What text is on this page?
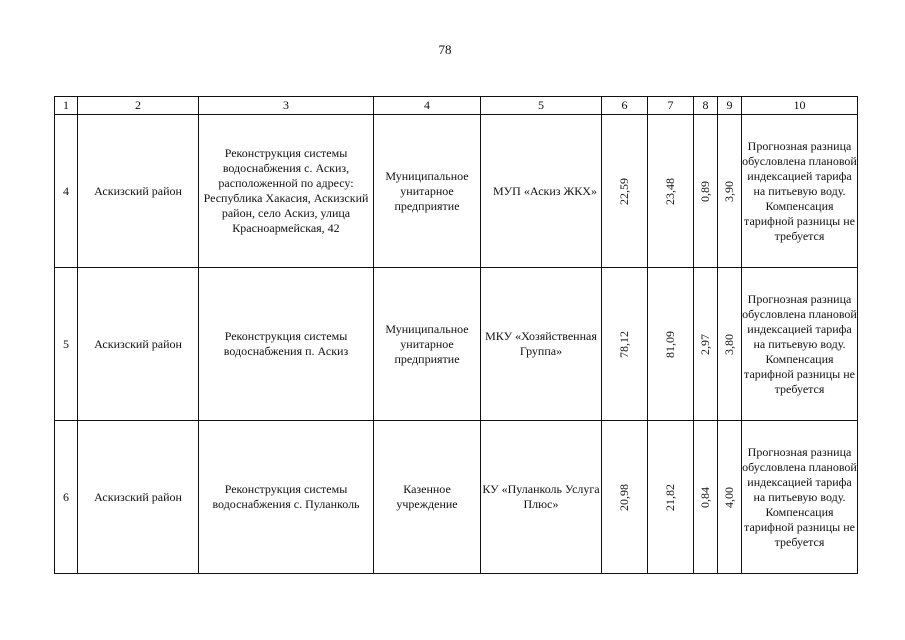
78
1	2	3	4	5	6	7	8	9	10
4	Аскизский район	Реконструкция системы водоснабжения с. Аскиз, расположенной по адресу: Республика Хакасия, Аскизский район, село Аскиз, улица Красноармейская, 42	Муниципальное унитарное предприятие	МУП «Аскиз ЖКХ»	22,59	23,48	0,89	3,90	Прогнозная разница обусловлена плановой индексацией тарифа на питьевую воду. Компенсация тарифной разницы не требуется
5	Аскизский район	Реконструкция системы водоснабжения п. Аскиз	Муниципальное унитарное предприятие	МКУ «Хозяйственная Группа»	78,12	81,09	2,97	3,80	Прогнозная разница обусловлена плановой индексацией тарифа на питьевую воду. Компенсация тарифной разницы не требуется
6	Аскизский район	Реконструкция системы водоснабжения с. Пуланколь	Казенное учреждение	КУ «Пуланколь Услуга Плюс»	20,98	21,82	0,84	4,00	Прогнозная разница обусловлена плановой индексацией тарифа на питьевую воду. Компенсация тарифной разницы не требуется
